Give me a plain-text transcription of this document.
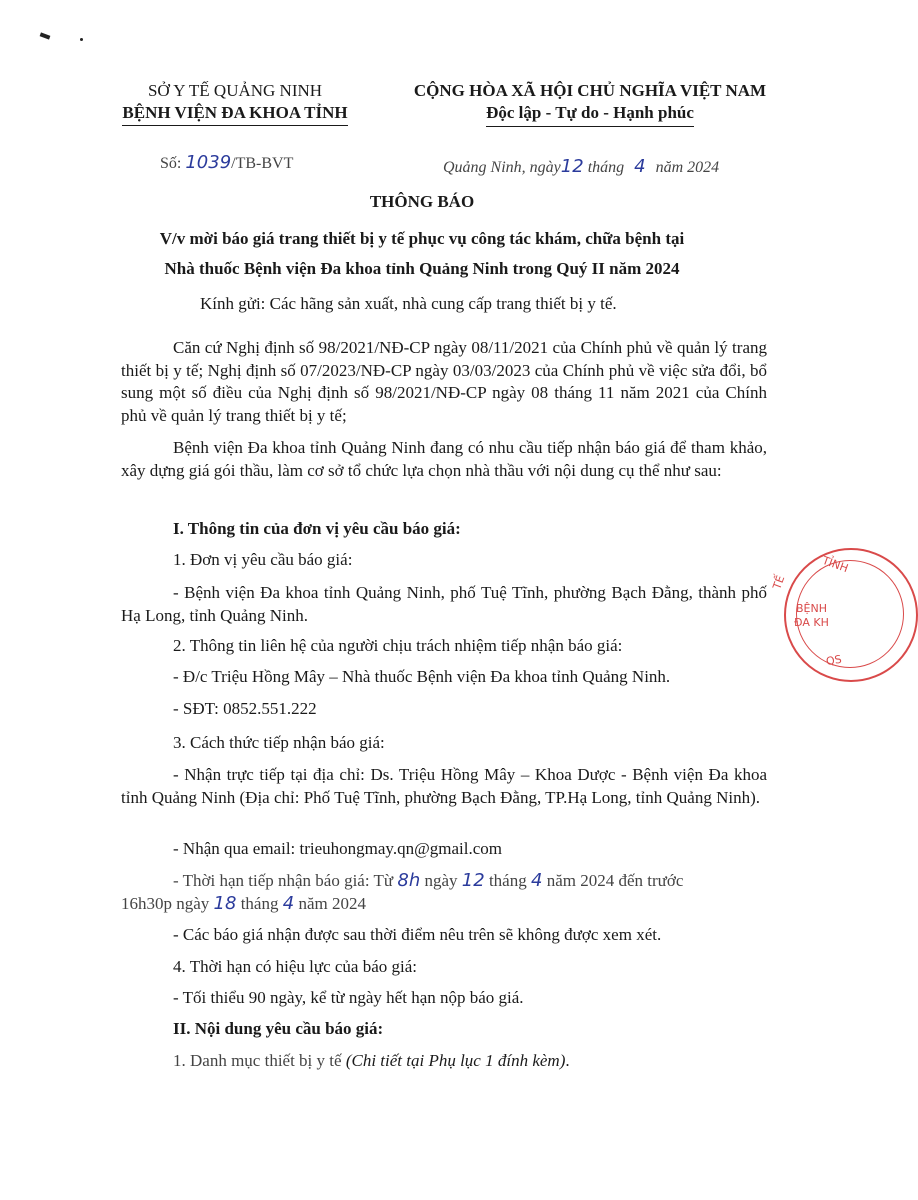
SỞ Y TẾ QUẢNG NINH
BỆNH VIỆN ĐA KHOA TỈNH
CỘNG HÒA XÃ HỘI CHỦ NGHĨA VIỆT NAM
Độc lập - Tự do - Hạnh phúc
Số: 1039/TB-BVT	Quảng Ninh, ngày12 tháng 4 năm 2024
THÔNG BÁO
V/v mời báo giá trang thiết bị y tế phục vụ công tác khám, chữa bệnh tại
Nhà thuốc Bệnh viện Đa khoa tỉnh Quảng Ninh trong Quý II năm 2024
Kính gửi: Các hãng sản xuất, nhà cung cấp trang thiết bị y tế.
Căn cứ Nghị định số 98/2021/NĐ-CP ngày 08/11/2021 của Chính phủ về quản lý trang thiết bị y tế; Nghị định số 07/2023/NĐ-CP ngày 03/03/2023 của Chính phủ về việc sửa đổi, bổ sung một số điều của Nghị định số 98/2021/NĐ-CP ngày 08 tháng 11 năm 2021 của Chính phủ về quản lý trang thiết bị y tế;
Bệnh viện Đa khoa tỉnh Quảng Ninh đang có nhu cầu tiếp nhận báo giá để tham khảo, xây dựng giá gói thầu, làm cơ sở tổ chức lựa chọn nhà thầu với nội dung cụ thể như sau:
I. Thông tin của đơn vị yêu cầu báo giá:
1. Đơn vị yêu cầu báo giá:
- Bệnh viện Đa khoa tỉnh Quảng Ninh, phố Tuệ Tĩnh, phường Bạch Đằng, thành phố Hạ Long, tỉnh Quảng Ninh.
2. Thông tin liên hệ của người chịu trách nhiệm tiếp nhận báo giá:
- Đ/c Triệu Hồng Mây – Nhà thuốc Bệnh viện Đa khoa tỉnh Quảng Ninh.
- SĐT: 0852.551.222
3. Cách thức tiếp nhận báo giá:
- Nhận trực tiếp tại địa chỉ: Ds. Triệu Hồng Mây – Khoa Dược - Bệnh viện Đa khoa tỉnh Quảng Ninh (Địa chỉ: Phố Tuệ Tĩnh, phường Bạch Đằng, TP.Hạ Long, tỉnh Quảng Ninh).
- Nhận qua email: trieuhongmay.qn@gmail.com
- Thời hạn tiếp nhận báo giá: Từ 8h ngày 12 tháng 4 năm 2024 đến trước
16h30p ngày 18 tháng 4 năm 2024
- Các báo giá nhận được sau thời điểm nêu trên sẽ không được xem xét.
4. Thời hạn có hiệu lực của báo giá:
- Tối thiểu 90 ngày, kể từ ngày hết hạn nộp báo giá.
II. Nội dung yêu cầu báo giá:
1. Danh mục thiết bị y tế (Chi tiết tại Phụ lục 1 đính kèm).
TỈNH
BỆNH
ĐA KH
TẾ
QS
